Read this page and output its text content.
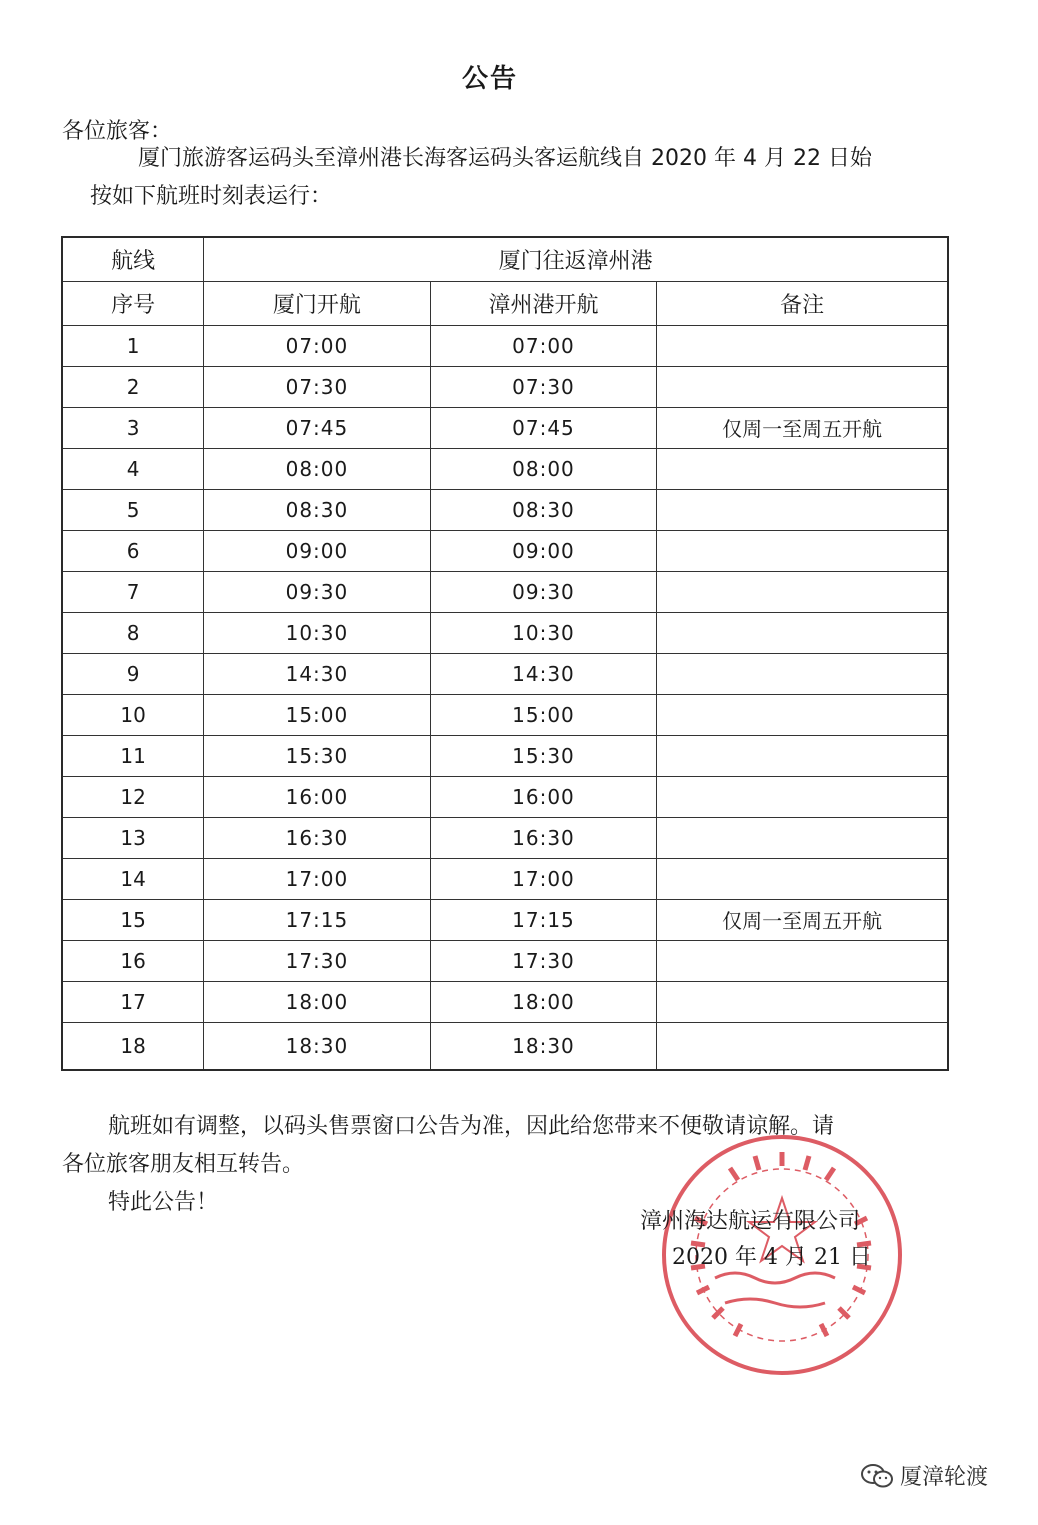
公告
各位旅客：
厦门旅游客运码头至漳州港长海客运码头客运航线自 2020 年 4 月 22 日始
按如下航班时刻表运行：
航线	厦门往返漳州港		
序号	厦门开航	漳州港开航	备注
1	07:00	07:00	
2	07:30	07:30	
3	07:45	07:45	仅周一至周五开航
4	08:00	08:00	
5	08:30	08:30	
6	09:00	09:00	
7	09:30	09:30	
8	10:30	10:30	
9	14:30	14:30	
10	15:00	15:00	
11	15:30	15:30	
12	16:00	16:00	
13	16:30	16:30	
14	17:00	17:00	
15	17:15	17:15	仅周一至周五开航
16	17:30	17:30	
17	18:00	18:00	
18	18:30	18:30	
航班如有调整，以码头售票窗口公告为准，因此给您带来不便敬请谅解。请
各位旅客朋友相互转告。
特此公告！
漳州海达航运有限公司
2020 年 4 月 21 日
厦漳轮渡
